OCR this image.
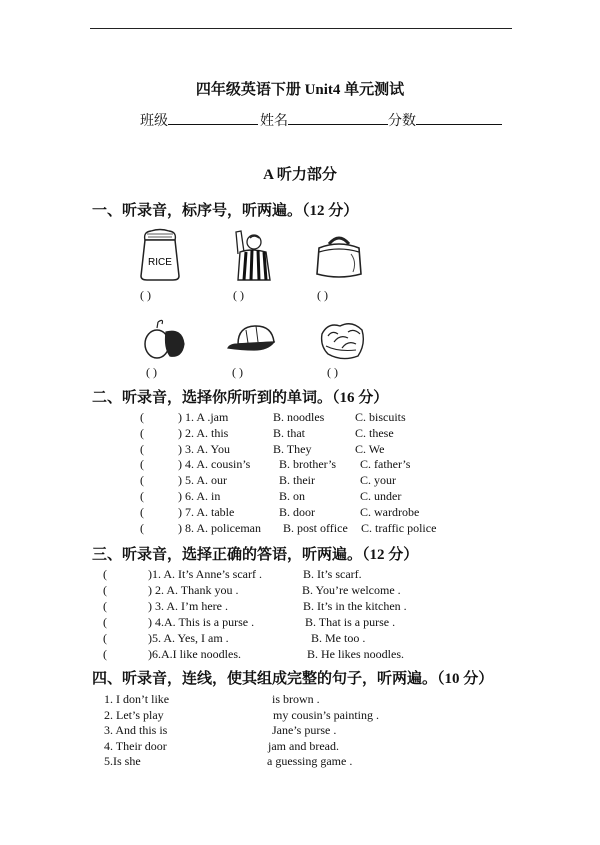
四年级英语下册 Unit4 单元测试
班级	姓名	分数
A 听力部分
一、听录音，标序号，听两遍。（12 分）
RICE
( )	( )	( )
( )	( )	( )
二、听录音，选择你所听到的单词。（16 分）
(	) 1. A .jam	B. noodles	C. biscuits
(	) 2. A. this	B. that	C. these
(	) 3. A. You	B. They	C. We
(	) 4. A. cousin’s B. brother’s C. father’s
(	) 5. A. our	B. their	C. your
(	) 6. A. in	B. on	C. under
(	) 7. A. table	B. door	C. wardrobe
(	) 8. A. policeman B. post office C. traffic police
三、听录音，选择正确的答语，听两遍。（12 分）
(	)1. A. It’s Anne’s scarf .	B. It’s scarf.
(	) 2. A. Thank you .	B. You’re welcome .
(	) 3. A. I’m here .	B. It’s in the kitchen .
(	) 4.A. This is a purse .	B. That is a purse .
(	)5. A. Yes, I am .	B. Me too .
(	)6.A.I like noodles.	B. He likes noodles.
四、听录音，连线，使其组成完整的句子，听两遍。（10 分）
1. I don’t like	is brown .
2. Let’s play	my cousin’s painting .
3. And this is	Jane’s purse .
4. Their door	jam and bread.
5.Is she	a guessing game .
